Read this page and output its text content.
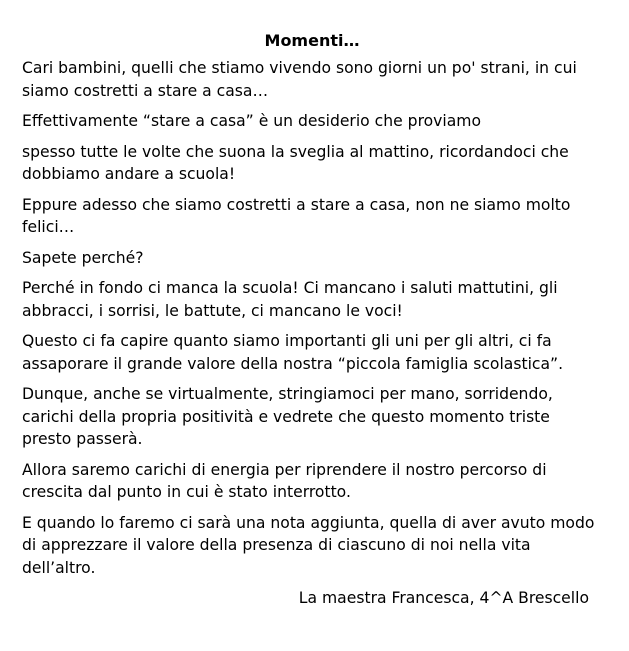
Momenti…

Cari bambini, quelli che stiamo vivendo sono giorni un po' strani, in cui siamo costretti a stare a casa…

Effettivamente “stare a casa” è un desiderio che proviamo

spesso tutte le volte che suona la sveglia al mattino, ricordandoci che dobbiamo andare a scuola!

Eppure adesso che siamo costretti a stare a casa, non ne siamo molto felici…

Sapete perché?

Perché in fondo ci manca la scuola! Ci mancano i saluti mattutini, gli abbracci, i sorrisi, le battute, ci mancano le voci!

Questo ci fa capire quanto siamo importanti gli uni per gli altri, ci fa assaporare il grande valore della nostra “piccola famiglia scolastica”.

Dunque, anche se virtualmente, stringiamoci per mano, sorridendo, carichi della propria positività e vedrete che questo momento triste presto passerà.

Allora saremo carichi di energia per riprendere il nostro percorso di crescita dal punto in cui è stato interrotto.

E quando lo faremo ci sarà una nota aggiunta, quella di aver avuto modo di apprezzare il valore della presenza di ciascuno di noi nella vita dell’altro.

La maestra Francesca, 4^A Brescello
